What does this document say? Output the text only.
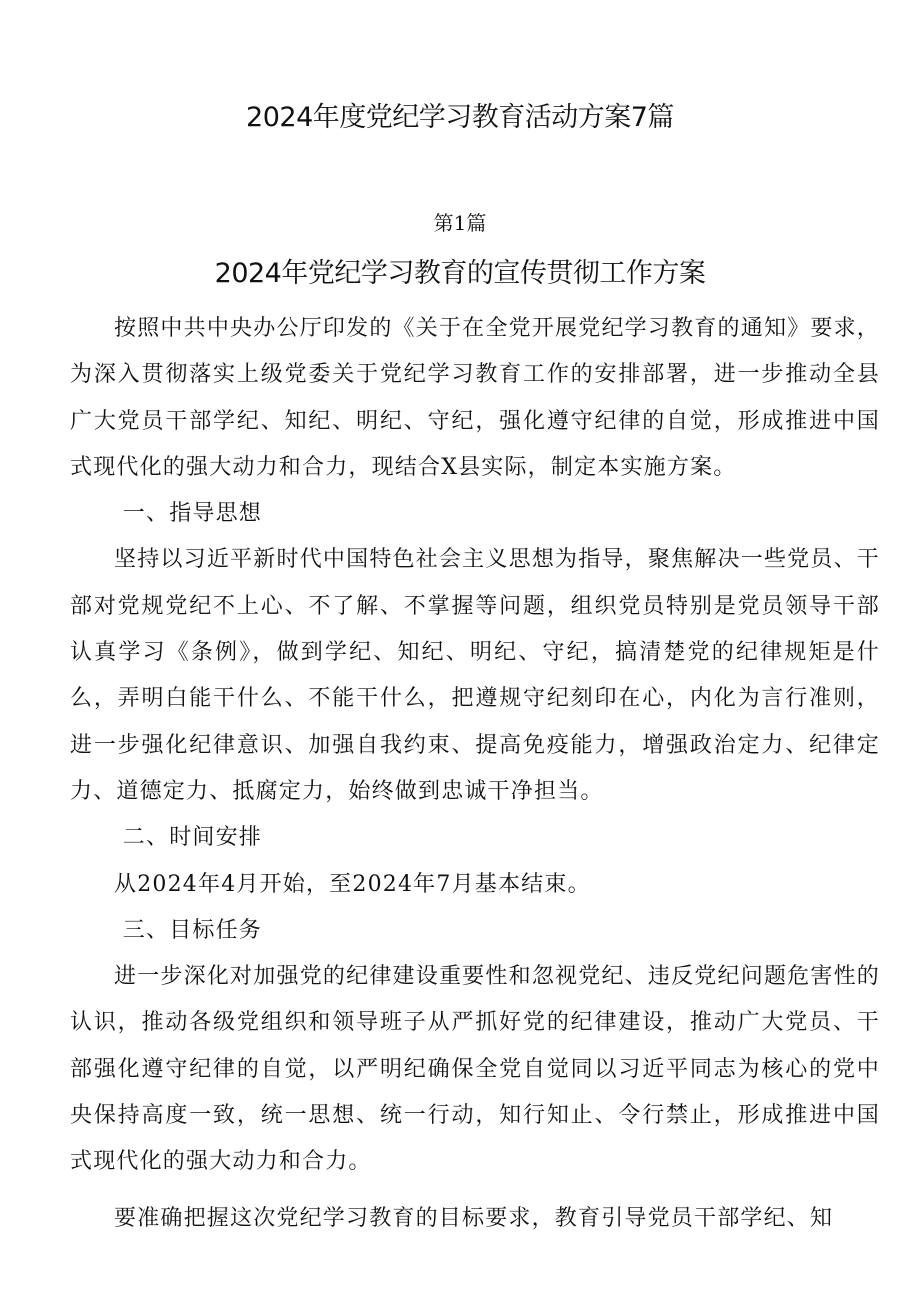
2024年度党纪学习教育活动方案7篇
第1篇
2024年党纪学习教育的宣传贯彻工作方案

按照中共中央办公厅印发的《关于在全党开展党纪学习教育的通知》要求，为深入贯彻落实上级党委关于党纪学习教育工作的安排部署，进一步推动全县广大党员干部学纪、知纪、明纪、守纪，强化遵守纪律的自觉，形成推进中国式现代化的强大动力和合力，现结合X县实际，制定本实施方案。

一、指导思想

坚持以习近平新时代中国特色社会主义思想为指导，聚焦解决一些党员、干部对党规党纪不上心、不了解、不掌握等问题，组织党员特别是党员领导干部认真学习《条例》，做到学纪、知纪、明纪、守纪，搞清楚党的纪律规矩是什么，弄明白能干什么、不能干什么，把遵规守纪刻印在心，内化为言行准则，进一步强化纪律意识、加强自我约束、提高免疫能力，增强政治定力、纪律定力、道德定力、抵腐定力，始终做到忠诚干净担当。

二、时间安排

从2024年4月开始，至2024年7月基本结束。

三、目标任务

进一步深化对加强党的纪律建设重要性和忽视党纪、违反党纪问题危害性的认识，推动各级党组织和领导班子从严抓好党的纪律建设，推动广大党员、干部强化遵守纪律的自觉，以严明纪确保全党自觉同以习近平同志为核心的党中央保持高度一致，统一思想、统一行动，知行知止、令行禁止，形成推进中国式现代化的强大动力和合力。

要准确把握这次党纪学习教育的目标要求，教育引导党员干部学纪、知
